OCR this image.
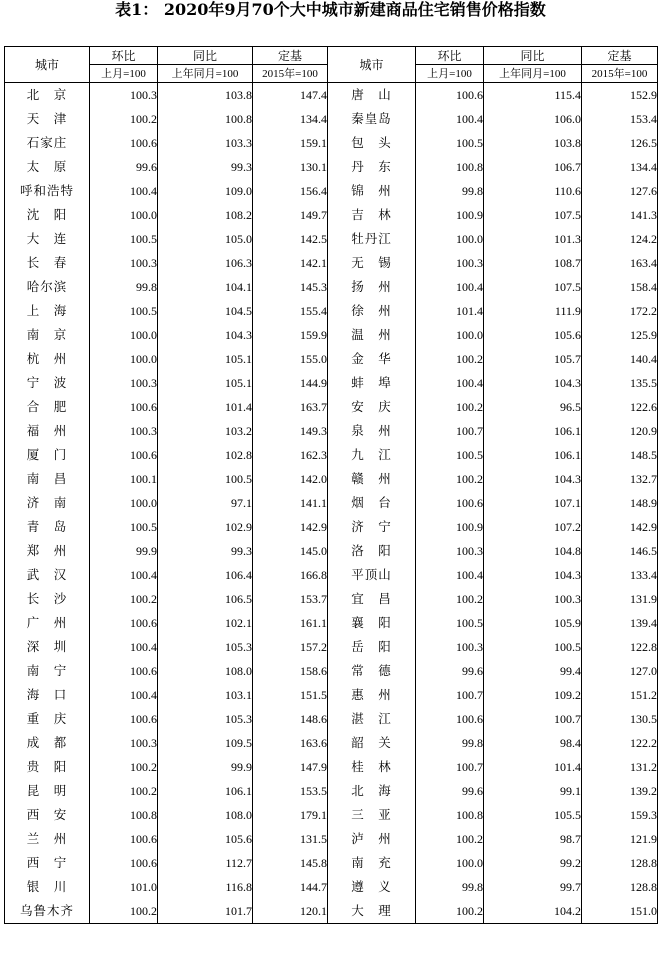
表1： 2020年9月70个大中城市新建商品住宅销售价格指数
城市	环比	同比	定基	城市	环比	同比	定基
	上月=100	上年同月=100	2015年=100		上月=100	上年同月=100	2015年=100
北　京	100.3	103.8	147.4	唐　山	100.6	115.4	152.9
天　津	100.2	100.8	134.4	秦皇岛	100.4	106.0	153.4
石家庄	100.6	103.3	159.1	包　头	100.5	103.8	126.5
太　原	99.6	99.3	130.1	丹　东	100.8	106.7	134.4
呼和浩特	100.4	109.0	156.4	锦　州	99.8	110.6	127.6
沈　阳	100.0	108.2	149.7	吉　林	100.9	107.5	141.3
大　连	100.5	105.0	142.5	牡丹江	100.0	101.3	124.2
长　春	100.3	106.3	142.1	无　锡	100.3	108.7	163.4
哈尔滨	99.8	104.1	145.3	扬　州	100.4	107.5	158.4
上　海	100.5	104.5	155.4	徐　州	101.4	111.9	172.2
南　京	100.0	104.3	159.9	温　州	100.0	105.6	125.9
杭　州	100.0	105.1	155.0	金　华	100.2	105.7	140.4
宁　波	100.3	105.1	144.9	蚌　埠	100.4	104.3	135.5
合　肥	100.6	101.4	163.7	安　庆	100.2	96.5	122.6
福　州	100.3	103.2	149.3	泉　州	100.7	106.1	120.9
厦　门	100.6	102.8	162.3	九　江	100.5	106.1	148.5
南　昌	100.1	100.5	142.0	赣　州	100.2	104.3	132.7
济　南	100.0	97.1	141.1	烟　台	100.6	107.1	148.9
青　岛	100.5	102.9	142.9	济　宁	100.9	107.2	142.9
郑　州	99.9	99.3	145.0	洛　阳	100.3	104.8	146.5
武　汉	100.4	106.4	166.8	平顶山	100.4	104.3	133.4
长　沙	100.2	106.5	153.7	宜　昌	100.2	100.3	131.9
广　州	100.6	102.1	161.1	襄　阳	100.5	105.9	139.4
深　圳	100.4	105.3	157.2	岳　阳	100.3	100.5	122.8
南　宁	100.6	108.0	158.6	常　德	99.6	99.4	127.0
海　口	100.4	103.1	151.5	惠　州	100.7	109.2	151.2
重　庆	100.6	105.3	148.6	湛　江	100.6	100.7	130.5
成　都	100.3	109.5	163.6	韶　关	99.8	98.4	122.2
贵　阳	100.2	99.9	147.9	桂　林	100.7	101.4	131.2
昆　明	100.2	106.1	153.5	北　海	99.6	99.1	139.2
西　安	100.8	108.0	179.1	三　亚	100.8	105.5	159.3
兰　州	100.6	105.6	131.5	泸　州	100.2	98.7	121.9
西　宁	100.6	112.7	145.8	南　充	100.0	99.2	128.8
银　川	101.0	116.8	144.7	遵　义	99.8	99.7	128.8
乌鲁木齐	100.2	101.7	120.1	大　理	100.2	104.2	151.0
